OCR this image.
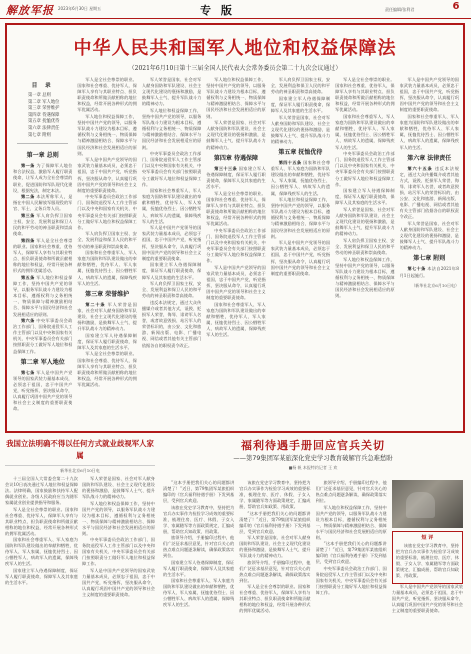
解放军报 2023年6月30日 星期五	专 版	责任编辑/张利君	6
中华人民共和国军人地位和权益保障法
（2021年6月10日第十三届全国人民代表大会常务委员会第二十九次会议通过）
目 录
第一章 总则
第二章 军人地位
第三章 荣誉维护
第四章 待遇保障
第五章 抚恤优待
第六章 法律责任
第七章 附则
第一章 总则

第一条 为了保障军人地位和合法权益，激励军人履行职责使命，让军人成为全社会尊崇的职业，促进国防和军队现代化建设，根据宪法，制定本法。

第二条 本法所称军人，是指在中国人民解放军服现役的军官、军士、义务兵等人员。

第三条 军人肩负捍卫国家主权、安全、发展利益和保卫人民的和平劳动的神圣职责和崇高使命。

第四条 军人是全社会尊崇的职业。国家和社会尊重、优待军人，保障军人享有与其职业特点、担负职责使命和所做贡献相称的地位和权益，经常开展各种形式的拥军优属活动。

第五条 军人地位和权益保障工作，坚持中国共产党的领导，以服务军队战斗力建设为根本目标，遵循权利与义务相统一、物质保障与精神激励相结合、保障水平与国民经济和社会发展相适应的原则。

第六条 中央军事委员会政治工作部门、国务院退役军人工作主管部门以及中央和国家有关机关、中央军事委员会有关部门按照职责分工做好军人地位和权益保障工作。

第二章 军人地位

第七条 军人是中国共产党领导的国家武装力量基本成员，必须忠于祖国，忠于中国共产党，听党指挥，坚决服从命令，认真履行巩固中国共产党的领导和社会主义制度的重要职责使命。

军人是全社会尊崇的职业。国家和社会尊重、优待军人，保障军人享有与其职业特点、担负职责使命和所做贡献相称的地位和权益，经常开展各种形式的拥军优属活动。

军人地位和权益保障工作，坚持中国共产党的领导，以服务军队战斗力建设为根本目标，遵循权利与义务相统一、物质保障与精神激励相结合、保障水平与国民经济和社会发展相适应的原则。

军人是中国共产党领导的国家武装力量基本成员，必须忠于祖国，忠于中国共产党，听党指挥，坚决服从命令，认真履行巩固中国共产党的领导和社会主义制度的重要职责使命。

中央军事委员会政治工作部门、国务院退役军人工作主管部门以及中央和国家有关机关、中央军事委员会有关部门按照职责分工做好军人地位和权益保障工作。

军人肩负捍卫国家主权、安全、发展利益和保卫人民的和平劳动的神圣职责和崇高使命。

国家和社会尊重军人、军人家庭为国防和军队建设做出的奉献和牺牲，优待军人、军人家属，抚恤优待烈士、因公牺牲军人、病故军人的遗属，保障残疾军人的生活。

第三章 荣誉维护

第二十条 军人荣誉是国家、社会对军人献身国防和军队建设、社会主义现代化建设的褒扬和激励，是鼓舞军人士气、提升军队战斗力的精神动力。

国家建立军人待遇保障制度，保证军人履行职责使命，保障军人及其家庭的生活水平。

军人是全社会尊崇的职业。国家和社会尊重、优待军人，保障军人享有与其职业特点、担负职责使命和所做贡献相称的地位和权益，经常开展各种形式的拥军优属活动。

军人荣誉是国家、社会对军人献身国防和军队建设、社会主义现代化建设的褒扬和激励，是鼓舞军人士气、提升军队战斗力的精神动力。

军人地位和权益保障工作，坚持中国共产党的领导，以服务军队战斗力建设为根本目标，遵循权利与义务相统一、物质保障与精神激励相结合、保障水平与国民经济和社会发展相适应的原则。

中央军事委员会政治工作部门、国务院退役军人工作主管部门以及中央和国家有关机关、中央军事委员会有关部门按照职责分工做好军人地位和权益保障工作。

国家和社会尊重军人、军人家庭为国防和军队建设做出的奉献和牺牲，优待军人、军人家属，抚恤优待烈士、因公牺牲军人、病故军人的遗属，保障残疾军人的生活。

军人是中国共产党领导的国家武装力量基本成员，必须忠于祖国，忠于中国共产党，听党指挥，坚决服从命令，认真履行巩固中国共产党的领导和社会主义制度的重要职责使命。

国家建立军人待遇保障制度，保证军人履行职责使命，保障军人及其家庭的生活水平。

军人肩负捍卫国家主权、安全、发展利益和保卫人民的和平劳动的神圣职责和崇高使命。

违反本法规定，通过大众传播媒介或者其他方式，诋毁、贬损军人荣誉，侮辱、诽谤军人名誉，或者故意毁损、玷污军人的荣誉标识的，由公安、文化和旅游、新闻出版、电影、广播电视、网信或者其他有关主管部门依据各自的职权责令改正。

军人地位和权益保障工作，坚持中国共产党的领导，以服务军队战斗力建设为根本目标，遵循权利与义务相统一、物质保障与精神激励相结合、保障水平与国民经济和社会发展相适应的原则。

军人荣誉是国家、社会对军人献身国防和军队建设、社会主义现代化建设的褒扬和激励，是鼓舞军人士气、提升军队战斗力的精神动力。

第四章 待遇保障

第三十三条 国家建立军人待遇保障制度，保证军人履行职责使命，保障军人及其家庭的生活水平。

军人是全社会尊崇的职业。国家和社会尊重、优待军人，保障军人享有与其职业特点、担负职责使命和所做贡献相称的地位和权益，经常开展各种形式的拥军优属活动。

中央军事委员会政治工作部门、国务院退役军人工作主管部门以及中央和国家有关机关、中央军事委员会有关部门按照职责分工做好军人地位和权益保障工作。

军人是中国共产党领导的国家武装力量基本成员，必须忠于祖国，忠于中国共产党，听党指挥，坚决服从命令，认真履行巩固中国共产党的领导和社会主义制度的重要职责使命。

国家和社会尊重军人、军人家庭为国防和军队建设做出的奉献和牺牲，优待军人、军人家属，抚恤优待烈士、因公牺牲军人、病故军人的遗属，保障残疾军人的生活。

军人肩负捍卫国家主权、安全、发展利益和保卫人民的和平劳动的神圣职责和崇高使命。

国家建立军人待遇保障制度，保证军人履行职责使命，保障军人及其家庭的生活水平。

军人荣誉是国家、社会对军人献身国防和军队建设、社会主义现代化建设的褒扬和激励，是鼓舞军人士气、提升军队战斗力的精神动力。

第五章 抚恤优待

第四十五条 国家和社会尊重军人、军人家庭为国防和军队建设做出的奉献和牺牲，优待军人、军人家属，抚恤优待烈士、因公牺牲军人、病故军人的遗属，保障残疾军人的生活。

军人地位和权益保障工作，坚持中国共产党的领导，以服务军队战斗力建设为根本目标，遵循权利与义务相统一、物质保障与精神激励相结合、保障水平与国民经济和社会发展相适应的原则。

军人是中国共产党领导的国家武装力量基本成员，必须忠于祖国，忠于中国共产党，听党指挥，坚决服从命令，认真履行巩固中国共产党的领导和社会主义制度的重要职责使命。

军人是全社会尊崇的职业。国家和社会尊重、优待军人，保障军人享有与其职业特点、担负职责使命和所做贡献相称的地位和权益，经常开展各种形式的拥军优属活动。

国家和社会尊重军人、军人家庭为国防和军队建设做出的奉献和牺牲，优待军人、军人家属，抚恤优待烈士、因公牺牲军人、病故军人的遗属，保障残疾军人的生活。

中央军事委员会政治工作部门、国务院退役军人工作主管部门以及中央和国家有关机关、中央军事委员会有关部门按照职责分工做好军人地位和权益保障工作。

国家建立军人待遇保障制度，保证军人履行职责使命，保障军人及其家庭的生活水平。

军人荣誉是国家、社会对军人献身国防和军队建设、社会主义现代化建设的褒扬和激励，是鼓舞军人士气、提升军队战斗力的精神动力。

军人肩负捍卫国家主权、安全、发展利益和保卫人民的和平劳动的神圣职责和崇高使命。

军人地位和权益保障工作，坚持中国共产党的领导，以服务军队战斗力建设为根本目标，遵循权利与义务相统一、物质保障与精神激励相结合、保障水平与国民经济和社会发展相适应的原则。

军人是中国共产党领导的国家武装力量基本成员，必须忠于祖国，忠于中国共产党，听党指挥，坚决服从命令，认真履行巩固中国共产党的领导和社会主义制度的重要职责使命。

国家和社会尊重军人、军人家庭为国防和军队建设做出的奉献和牺牲，优待军人、军人家属，抚恤优待烈士、因公牺牲军人、病故军人的遗属，保障残疾军人的生活。

第六章 法律责任

第六十五条 违反本法规定，通过大众传播媒介或者其他方式，诋毁、贬损军人荣誉，侮辱、诽谤军人名誉，或者故意毁损、玷污军人的荣誉标识的，由公安、文化和旅游、新闻出版、电影、广播电视、网信或者其他有关主管部门依据各自的职权责令改正。

军人荣誉是国家、社会对军人献身国防和军队建设、社会主义现代化建设的褒扬和激励，是鼓舞军人士气、提升军队战斗力的精神动力。

第七章 附则

第七十条 本法自2021年8月1日起施行。

（新华社北京6月10日电）
我国立法明确不得以任何方式就业歧视军人家属
新华社北京6月10日电

十三届全国人大常委会第二十九次会议10日表决通过军人地位和权益保障法。法律明确，国家鼓励和扶持军人配偶就业创业。各级人民政府应当为随军家属就业创业提供指导和服务。

军人是全社会尊崇的职业。国家和社会尊重、优待军人，保障军人享有与其职业特点、担负职责使命和所做贡献相称的地位和权益，经常开展各种形式的拥军优属活动。

国家和社会尊重军人、军人家庭为国防和军队建设做出的奉献和牺牲，优待军人、军人家属，抚恤优待烈士、因公牺牲军人、病故军人的遗属，保障残疾军人的生活。

国家建立军人待遇保障制度，保证军人履行职责使命，保障军人及其家庭的生活水平。

军人荣誉是国家、社会对军人献身国防和军队建设、社会主义现代化建设的褒扬和激励，是鼓舞军人士气、提升军队战斗力的精神动力。

军人地位和权益保障工作，坚持中国共产党的领导，以服务军队战斗力建设为根本目标，遵循权利与义务相统一、物质保障与精神激励相结合、保障水平与国民经济和社会发展相适应的原则。

中央军事委员会政治工作部门、国务院退役军人工作主管部门以及中央和国家有关机关、中央军事委员会有关部门按照职责分工做好军人地位和权益保障工作。

军人是中国共产党领导的国家武装力量基本成员，必须忠于祖国，忠于中国共产党，听党指挥，坚决服从命令，认真履行巩固中国共产党的领导和社会主义制度的重要职责使命。

福利待遇手册回应官兵关切
——第79集团军某旅深化党史学习教育破解官兵急难愁盼
■杨 帆 本报特约记者 王 欢

“这本手册把我们关心的问题都讲清楚了！”近日，第79集团军某旅组织编印的《官兵福利待遇手册》下发到基层，受到官兵欢迎。

该旅在党史学习教育中，坚持把为官兵办实事作为检验学习成效的重要标准，梳理住房、医疗、休假、子女入学、家属随军等方面政策规定，汇编成册，帮助官兵知政策、用政策。

旅领导介绍，手册编印过程中，他们广泛征求基层意见，针对官兵关心的热点难点问题逐条解读，确保政策落实到位。

国家建立军人待遇保障制度，保证军人履行职责使命，保障军人及其家庭的生活水平。

国家和社会尊重军人、军人家庭为国防和军队建设做出的奉献和牺牲，优待军人、军人家属，抚恤优待烈士、因公牺牲军人、病故军人的遗属，保障残疾军人的生活。

该旅在党史学习教育中，坚持把为官兵办实事作为检验学习成效的重要标准，梳理住房、医疗、休假、子女入学、家属随军等方面政策规定，汇编成册，帮助官兵知政策、用政策。

“这本手册把我们关心的问题都讲清楚了！”近日，第79集团军某旅组织编印的《官兵福利待遇手册》下发到基层，受到官兵欢迎。

军人荣誉是国家、社会对军人献身国防和军队建设、社会主义现代化建设的褒扬和激励，是鼓舞军人士气、提升军队战斗力的精神动力。

旅领导介绍，手册编印过程中，他们广泛征求基层意见，针对官兵关心的热点难点问题逐条解读，确保政策落实到位。

军人是全社会尊崇的职业。国家和社会尊重、优待军人，保障军人享有与其职业特点、担负职责使命和所做贡献相称的地位和权益，经常开展各种形式的拥军优属活动。

旅领导介绍，手册编印过程中，他们广泛征求基层意见，针对官兵关心的热点难点问题逐条解读，确保政策落实到位。

军人地位和权益保障工作，坚持中国共产党的领导，以服务军队战斗力建设为根本目标，遵循权利与义务相统一、物质保障与精神激励相结合、保障水平与国民经济和社会发展相适应的原则。

“这本手册把我们关心的问题都讲清楚了！”近日，第79集团军某旅组织编印的《官兵福利待遇手册》下发到基层，受到官兵欢迎。

中央军事委员会政治工作部门、国务院退役军人工作主管部门以及中央和国家有关机关、中央军事委员会有关部门按照职责分工做好军人地位和权益保障工作。

短 评

该旅在党史学习教育中，坚持把为官兵办实事作为检验学习成效的重要标准，梳理住房、医疗、休假、子女入学、家属随军等方面政策规定，汇编成册，帮助官兵知政策、用政策。

军人是中国共产党领导的国家武装力量基本成员，必须忠于祖国，忠于中国共产党，听党指挥，坚决服从命令，认真履行巩固中国共产党的领导和社会主义制度的重要职责使命。
